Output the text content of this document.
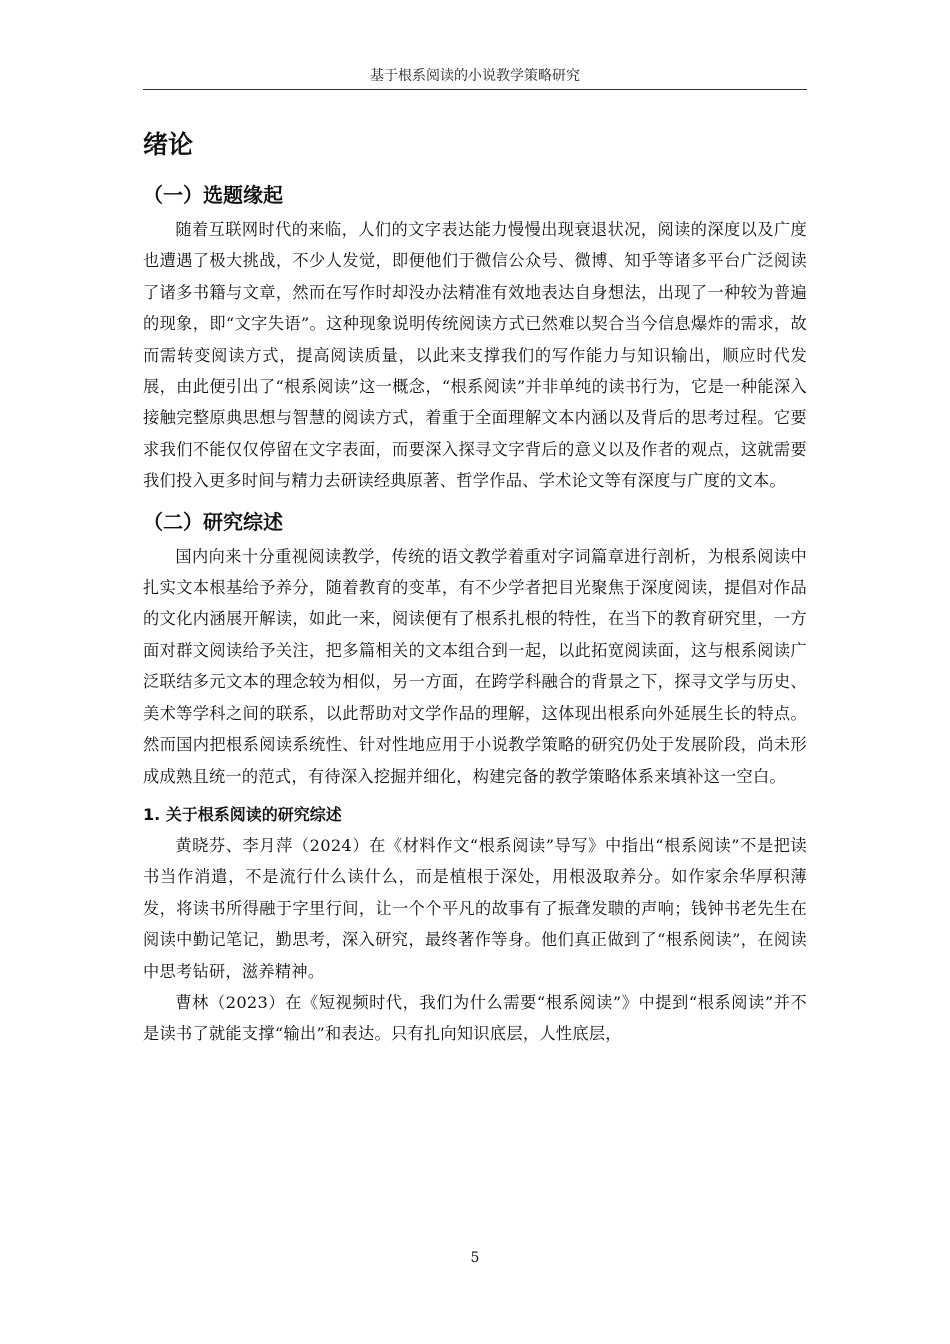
基于根系阅读的小说教学策略研究
绪论
（一）选题缘起

随着互联网时代的来临，人们的文字表达能力慢慢出现衰退状况，阅读的深度以及广度也遭遇了极大挑战，不少人发觉，即便他们于微信公众号、微博、知乎等诸多平台广泛阅读了诸多书籍与文章，然而在写作时却没办法精准有效地表达自身想法，出现了一种较为普遍的现象，即“文字失语”。这种现象说明传统阅读方式已然难以契合当今信息爆炸的需求，故而需转变阅读方式，提高阅读质量，以此来支撑我们的写作能力与知识输出，顺应时代发展，由此便引出了“根系阅读”这一概念，“根系阅读”并非单纯的读书行为，它是一种能深入接触完整原典思想与智慧的阅读方式，着重于全面理解文本内涵以及背后的思考过程。它要求我们不能仅仅停留在文字表面，而要深入探寻文字背后的意义以及作者的观点，这就需要我们投入更多时间与精力去研读经典原著、哲学作品、学术论文等有深度与广度的文本。

（二）研究综述

国内向来十分重视阅读教学，传统的语文教学着重对字词篇章进行剖析，为根系阅读中扎实文本根基给予养分，随着教育的变革，有不少学者把目光聚焦于深度阅读，提倡对作品的文化内涵展开解读，如此一来，阅读便有了根系扎根的特性，在当下的教育研究里，一方面对群文阅读给予关注，把多篇相关的文本组合到一起，以此拓宽阅读面，这与根系阅读广泛联结多元文本的理念较为相似，另一方面，在跨学科融合的背景之下，探寻文学与历史、美术等学科之间的联系，以此帮助对文学作品的理解，这体现出根系向外延展生长的特点。然而国内把根系阅读系统性、针对性地应用于小说教学策略的研究仍处于发展阶段，尚未形成成熟且统一的范式，有待深入挖掘并细化，构建完备的教学策略体系来填补这一空白。

1. 关于根系阅读的研究综述

黄晓芬、李月萍（2024）在《材料作文“根系阅读”导写》中指出“根系阅读”不是把读书当作消遣，不是流行什么读什么，而是植根于深处，用根汲取养分。如作家余华厚积薄发，将读书所得融于字里行间，让一个个平凡的故事有了振聋发聩的声响；钱钟书老先生在阅读中勤记笔记，勤思考，深入研究，最终著作等身。他们真正做到了“根系阅读”，在阅读中思考钻研，滋养精神。

曹林（2023）在《短视频时代，我们为什么需要“根系阅读”》中提到“根系阅读”并不是读书了就能支撑“输出”和表达。只有扎向知识底层，人性底层，

5
